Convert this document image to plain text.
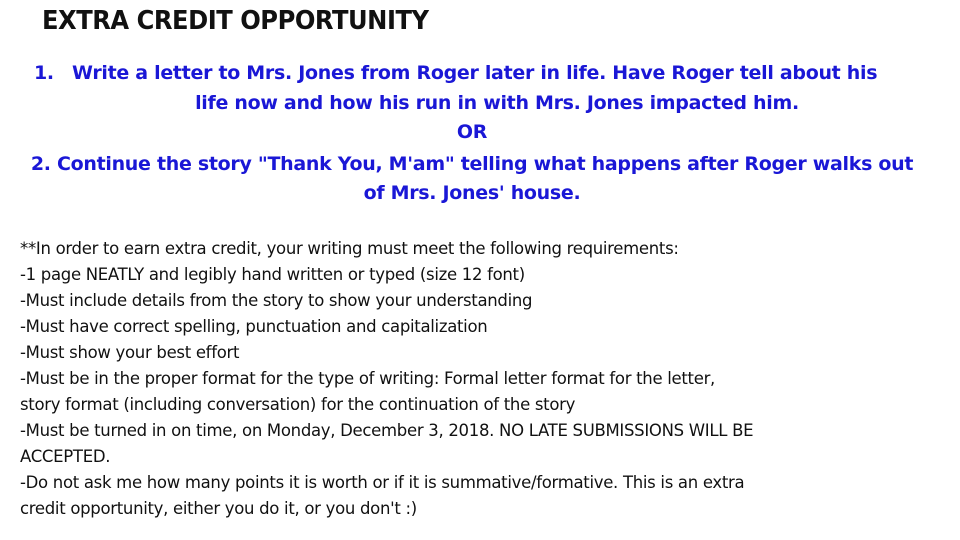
EXTRA CREDIT OPPORTUNITY
1. Write a letter to Mrs. Jones from Roger later in life. Have Roger tell about his
life now and how his run in with Mrs. Jones impacted him.
OR
2. Continue the story "Thank You, M'am" telling what happens after Roger walks out
of Mrs. Jones' house.
**In order to earn extra credit, your writing must meet the following requirements:
-1 page NEATLY and legibly hand written or typed (size 12 font)
-Must include details from the story to show your understanding
-Must have correct spelling, punctuation and capitalization
-Must show your best effort
-Must be in the proper format for the type of writing: Formal letter format for the letter,
story format (including conversation) for the continuation of the story
-Must be turned in on time, on Monday, December 3, 2018. NO LATE SUBMISSIONS WILL BE
ACCEPTED.
-Do not ask me how many points it is worth or if it is summative/formative. This is an extra
credit opportunity, either you do it, or you don't :)
